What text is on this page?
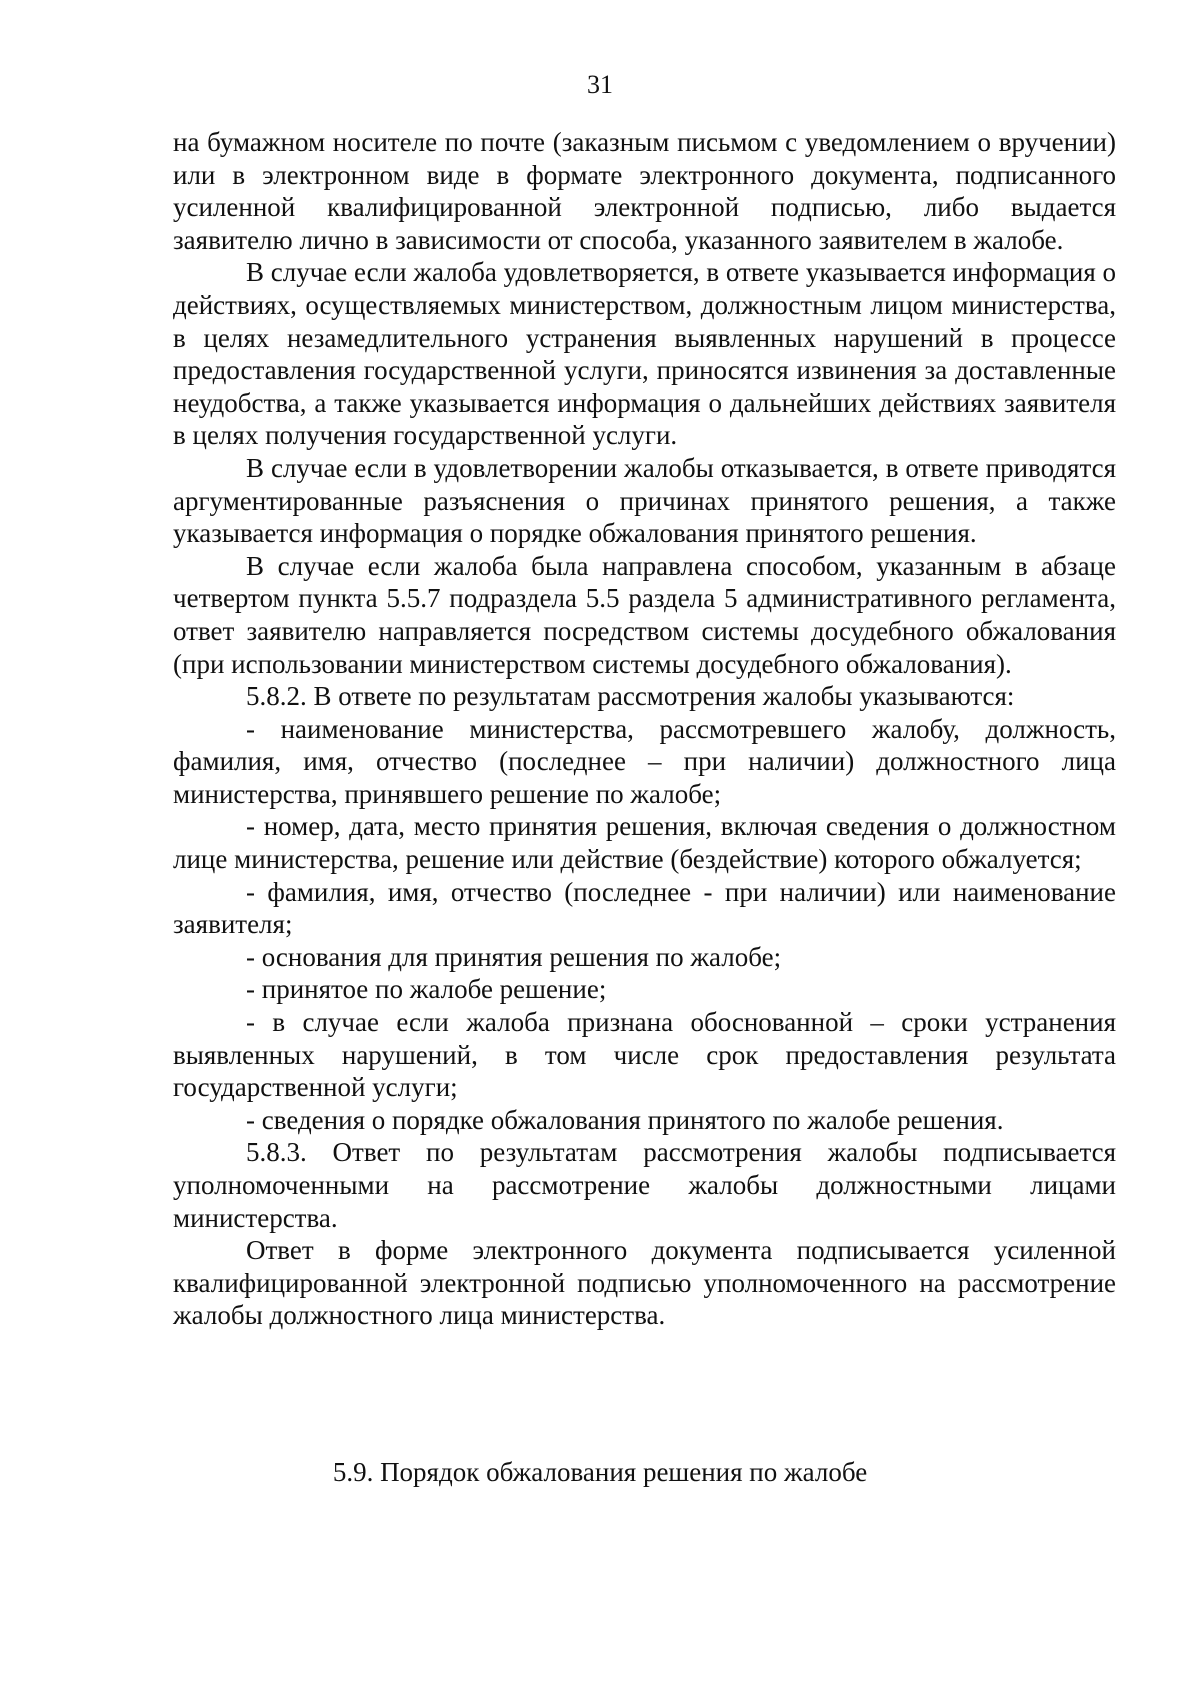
31

на бумажном носителе по почте (заказным письмом с уведомлением о вручении) или в электронном виде в формате электронного документа, подписанного усиленной квалифицированной электронной подписью, либо выдается заявителю лично в зависимости от способа, указанного заявителем в жалобе.

В случае если жалоба удовлетворяется, в ответе указывается информация о действиях, осуществляемых министерством, должностным лицом министерства, в целях незамедлительного устранения выявленных нарушений в процессе предоставления государственной услуги, приносятся извинения за доставленные неудобства, а также указывается информация о дальнейших действиях заявителя в целях получения государственной услуги.

В случае если в удовлетворении жалобы отказывается, в ответе приводятся аргументированные разъяснения о причинах принятого решения, а также указывается информация о порядке обжалования принятого решения.

В случае если жалоба была направлена способом, указанным в абзаце четвертом пункта 5.5.7 подраздела 5.5 раздела 5 административного регламента, ответ заявителю направляется посредством системы досудебного обжалования (при использовании министерством системы досудебного обжалования).

5.8.2. В ответе по результатам рассмотрения жалобы указываются:

- наименование министерства, рассмотревшего жалобу, должность, фамилия, имя, отчество (последнее – при наличии) должностного лица министерства, принявшего решение по жалобе;

- номер, дата, место принятия решения, включая сведения о должностном лице министерства, решение или действие (бездействие) которого обжалуется;

- фамилия, имя, отчество (последнее - при наличии) или наименование заявителя;

- основания для принятия решения по жалобе;

- принятое по жалобе решение;

- в случае если жалоба признана обоснованной – сроки устранения выявленных нарушений, в том числе срок предоставления результата государственной услуги;

- сведения о порядке обжалования принятого по жалобе решения.

5.8.3. Ответ по результатам рассмотрения жалобы подписывается уполномоченными на рассмотрение жалобы должностными лицами министерства.

Ответ в форме электронного документа подписывается усиленной квалифицированной электронной подписью уполномоченного на рассмотрение жалобы должностного лица министерства.

5.9. Порядок обжалования решения по жалобе
